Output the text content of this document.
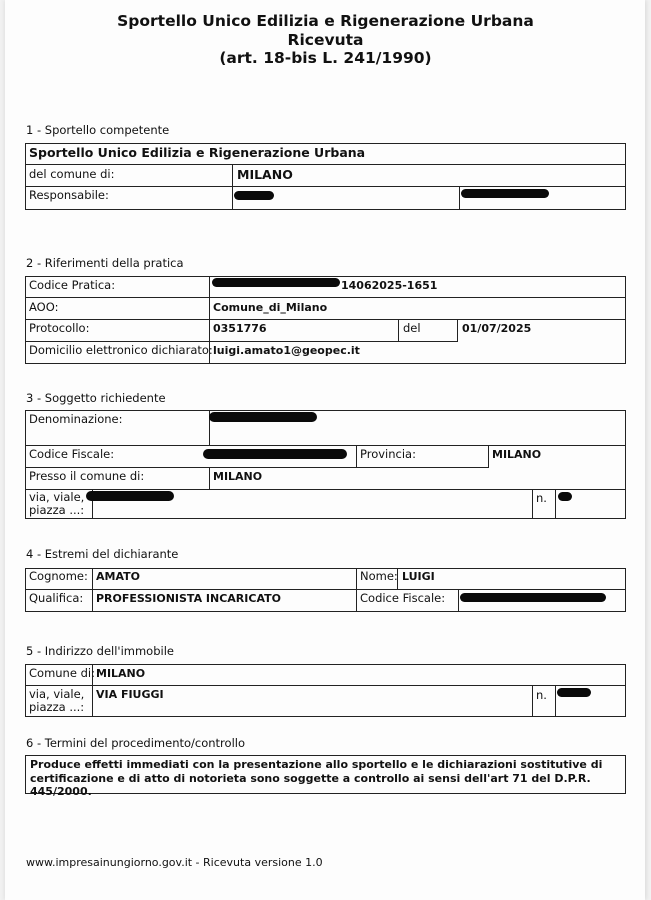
Sportello Unico Edilizia e Rigenerazione Urbana
Ricevuta
(art. 18-bis L. 241/1990)
1 - Sportello competente
Sportello Unico Edilizia e Rigenerazione Urbana
del comune di:	MILANO
Responsabile:
2 - Riferimenti della pratica
Codice Pratica:	14062025-1651
AOO:	Comune_di_Milano
Protocollo:	0351776	del	01/07/2025
Domicilio elettronico dichiarato: luigi.amato1@geopec.it
3 - Soggetto richiedente
Denominazione:
Codice Fiscale:	Provincia:	MILANO
Presso il comune di:	MILANO
via, viale,
piazza ...:
n.
4 - Estremi del dichiarante
Cognome: AMATO	Nome: LUIGI
Qualifica: PROFESSIONISTA INCARICATO	Codice Fiscale:
5 - Indirizzo dell'immobile
Comune di: MILANO
via, viale,
piazza ...:
VIA FIUGGI	n.
6 - Termini del procedimento/controllo
Produce effetti immediati con la presentazione allo sportello e le dichiarazioni sostitutive di certificazione e di atto di notorieta sono soggette a controllo ai sensi dell'art 71 del D.P.R. 445/2000.
www.impresainungiorno.gov.it - Ricevuta versione 1.0
